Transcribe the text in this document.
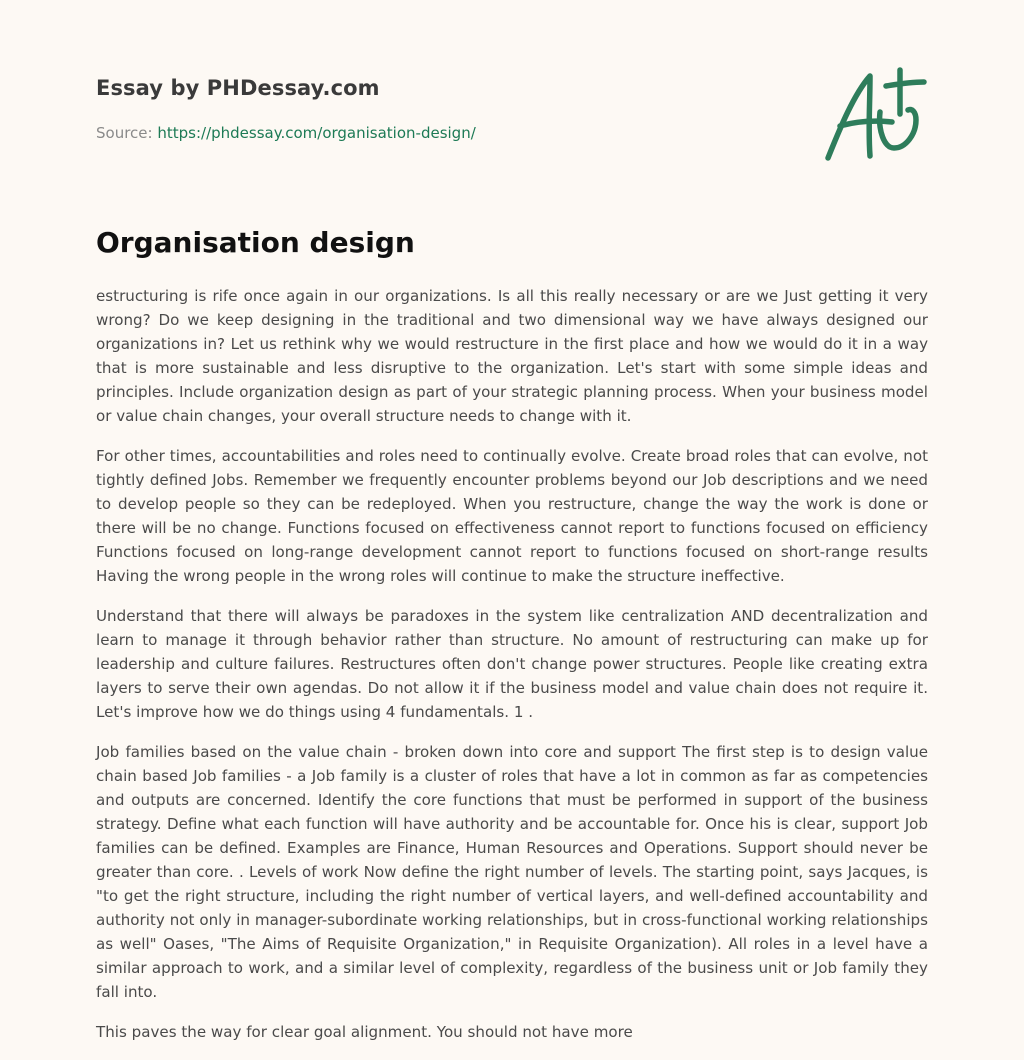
Essay by PHDessay.com
Source: https://phdessay.com/organisation-design/
Organisation design

estructuring is rife once again in our organizations. Is all this really necessary or are we Just getting it very wrong? Do we keep designing in the traditional and two dimensional way we have always designed our organizations in? Let us rethink why we would restructure in the first place and how we would do it in a way that is more sustainable and less disruptive to the organization. Let's start with some simple ideas and principles. Include organization design as part of your strategic planning process. When your business model or value chain changes, your overall structure needs to change with it.

For other times, accountabilities and roles need to continually evolve. Create broad roles that can evolve, not tightly defined Jobs. Remember we frequently encounter problems beyond our Job descriptions and we need to develop people so they can be redeployed. When you restructure, change the way the work is done or there will be no change. Functions focused on effectiveness cannot report to functions focused on efficiency Functions focused on long-range development cannot report to functions focused on short-range results Having the wrong people in the wrong roles will continue to make the structure ineffective.

Understand that there will always be paradoxes in the system like centralization AND decentralization and learn to manage it through behavior rather than structure. No amount of restructuring can make up for leadership and culture failures. Restructures often don't change power structures. People like creating extra layers to serve their own agendas. Do not allow it if the business model and value chain does not require it. Let's improve how we do things using 4 fundamentals. 1 .

Job families based on the value chain - broken down into core and support The first step is to design value chain based Job families - a Job family is a cluster of roles that have a lot in common as far as competencies and outputs are concerned. Identify the core functions that must be performed in support of the business strategy. Define what each function will have authority and be accountable for. Once his is clear, support Job families can be defined. Examples are Finance, Human Resources and Operations. Support should never be greater than core. . Levels of work Now define the right number of levels. The starting point, says Jacques, is "to get the right structure, including the right number of vertical layers, and well-defined accountability and authority not only in manager-subordinate working relationships, but in cross-functional working relationships as well" Oases, "The Aims of Requisite Organization," in Requisite Organization). All roles in a level have a similar approach to work, and a similar level of complexity, regardless of the business unit or Job family they fall into.

This paves the way for clear goal alignment. You should not have more
